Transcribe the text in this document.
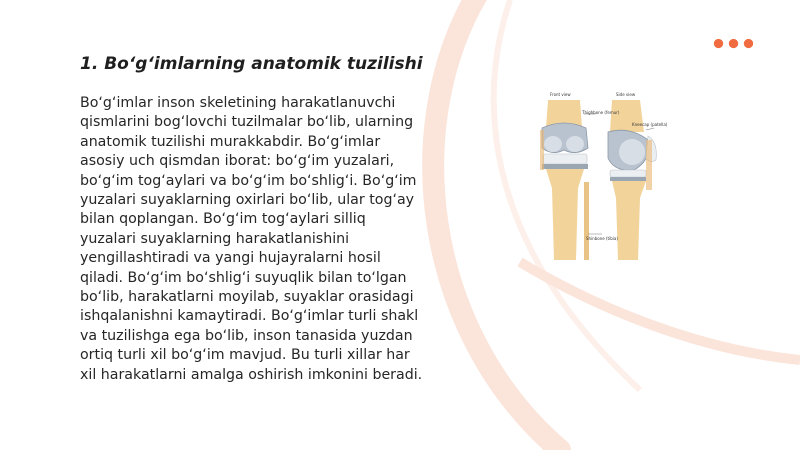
1. Bo‘g‘imlarning anatomik tuzilishi

Bo‘g‘imlar inson skeletining harakatlanuvchi qismlarini bog‘lovchi tuzilmalar bo‘lib, ularning anatomik tuzilishi murakkabdir. Bo‘g‘imlar asosiy uch qismdan iborat: bo‘g‘im yuzalari, bo‘g‘im tog‘aylari va bo‘g‘im bo‘shlig‘i. Bo‘g‘im yuzalari suyaklarning oxirlari bo‘lib, ular tog‘ay bilan qoplangan. Bo‘g‘im tog‘aylari silliq yuzalari suyaklarning harakatlanishini yengillashtiradi va yangi hujayralarni hosil qiladi. Bo‘g‘im bo‘shlig‘i suyuqlik bilan to‘lgan bo‘lib, harakatlarni moyilab, suyaklar orasidagi ishqalanishni kamaytiradi. Bo‘g‘imlar turli shakl va tuzilishga ega bo‘lib, inson tanasida yuzdan ortiq turli xil bo‘g‘im mavjud. Bu turli xillar har xil harakatlarni amalga oshirish imkonini beradi.

Front view	Side view
Thighbone (femur)
Kneecap (patella)
Shinbone (tibia)
